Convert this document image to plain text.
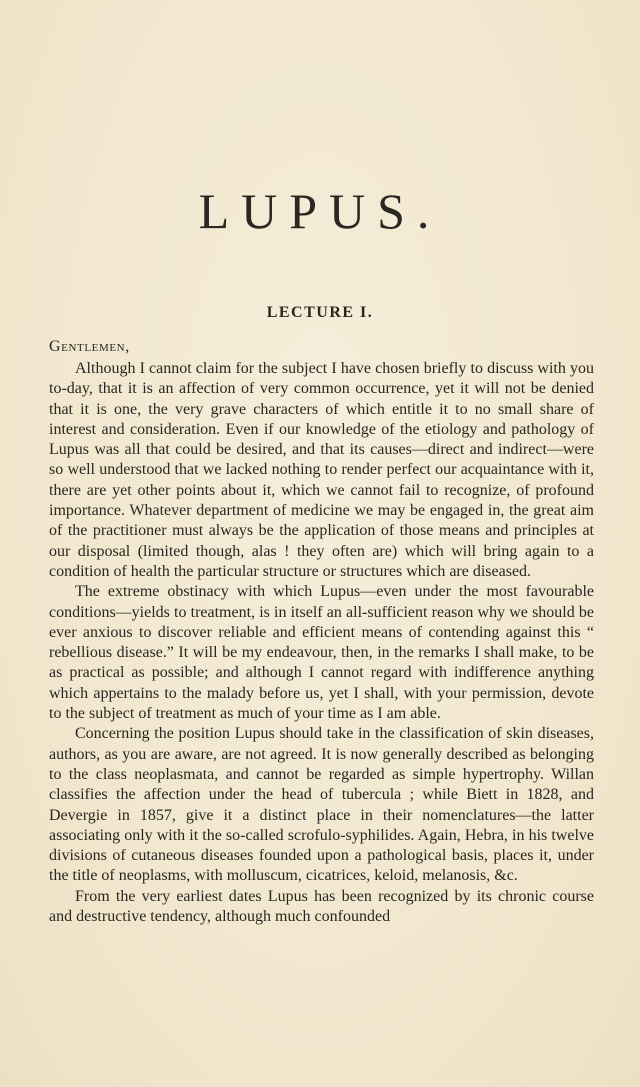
LUPUS.
LECTURE I.

Gentlemen,

Although I cannot claim for the subject I have chosen briefly to discuss with you to-day, that it is an affection of very common occurrence, yet it will not be denied that it is one, the very grave characters of which entitle it to no small share of interest and consideration. Even if our knowledge of the etiology and pathology of Lupus was all that could be desired, and that its causes—direct and indirect—were so well understood that we lacked nothing to render perfect our acquaintance with it, there are yet other points about it, which we cannot fail to recognize, of profound importance. Whatever department of medicine we may be engaged in, the great aim of the practitioner must always be the application of those means and principles at our disposal (limited though, alas ! they often are) which will bring again to a condition of health the particular structure or structures which are diseased.

The extreme obstinacy with which Lupus—even under the most favourable conditions—yields to treatment, is in itself an all-sufficient reason why we should be ever anxious to discover reliable and efficient means of contending against this “ rebellious disease.” It will be my endeavour, then, in the remarks I shall make, to be as practical as possible; and although I cannot regard with indifference anything which appertains to the malady before us, yet I shall, with your permission, devote to the subject of treatment as much of your time as I am able.

Concerning the position Lupus should take in the classification of skin diseases, authors, as you are aware, are not agreed. It is now generally described as belonging to the class neoplasmata, and cannot be regarded as simple hypertrophy. Willan classifies the affection under the head of tubercula ; while Biett in 1828, and Devergie in 1857, give it a distinct place in their nomenclatures—the latter associating only with it the so-called scrofulo-syphilides. Again, Hebra, in his twelve divisions of cutaneous diseases founded upon a pathological basis, places it, under the title of neoplasms, with molluscum, cicatrices, keloid, melanosis, &c.

From the very earliest dates Lupus has been recognized by its chronic course and destructive tendency, although much confounded
